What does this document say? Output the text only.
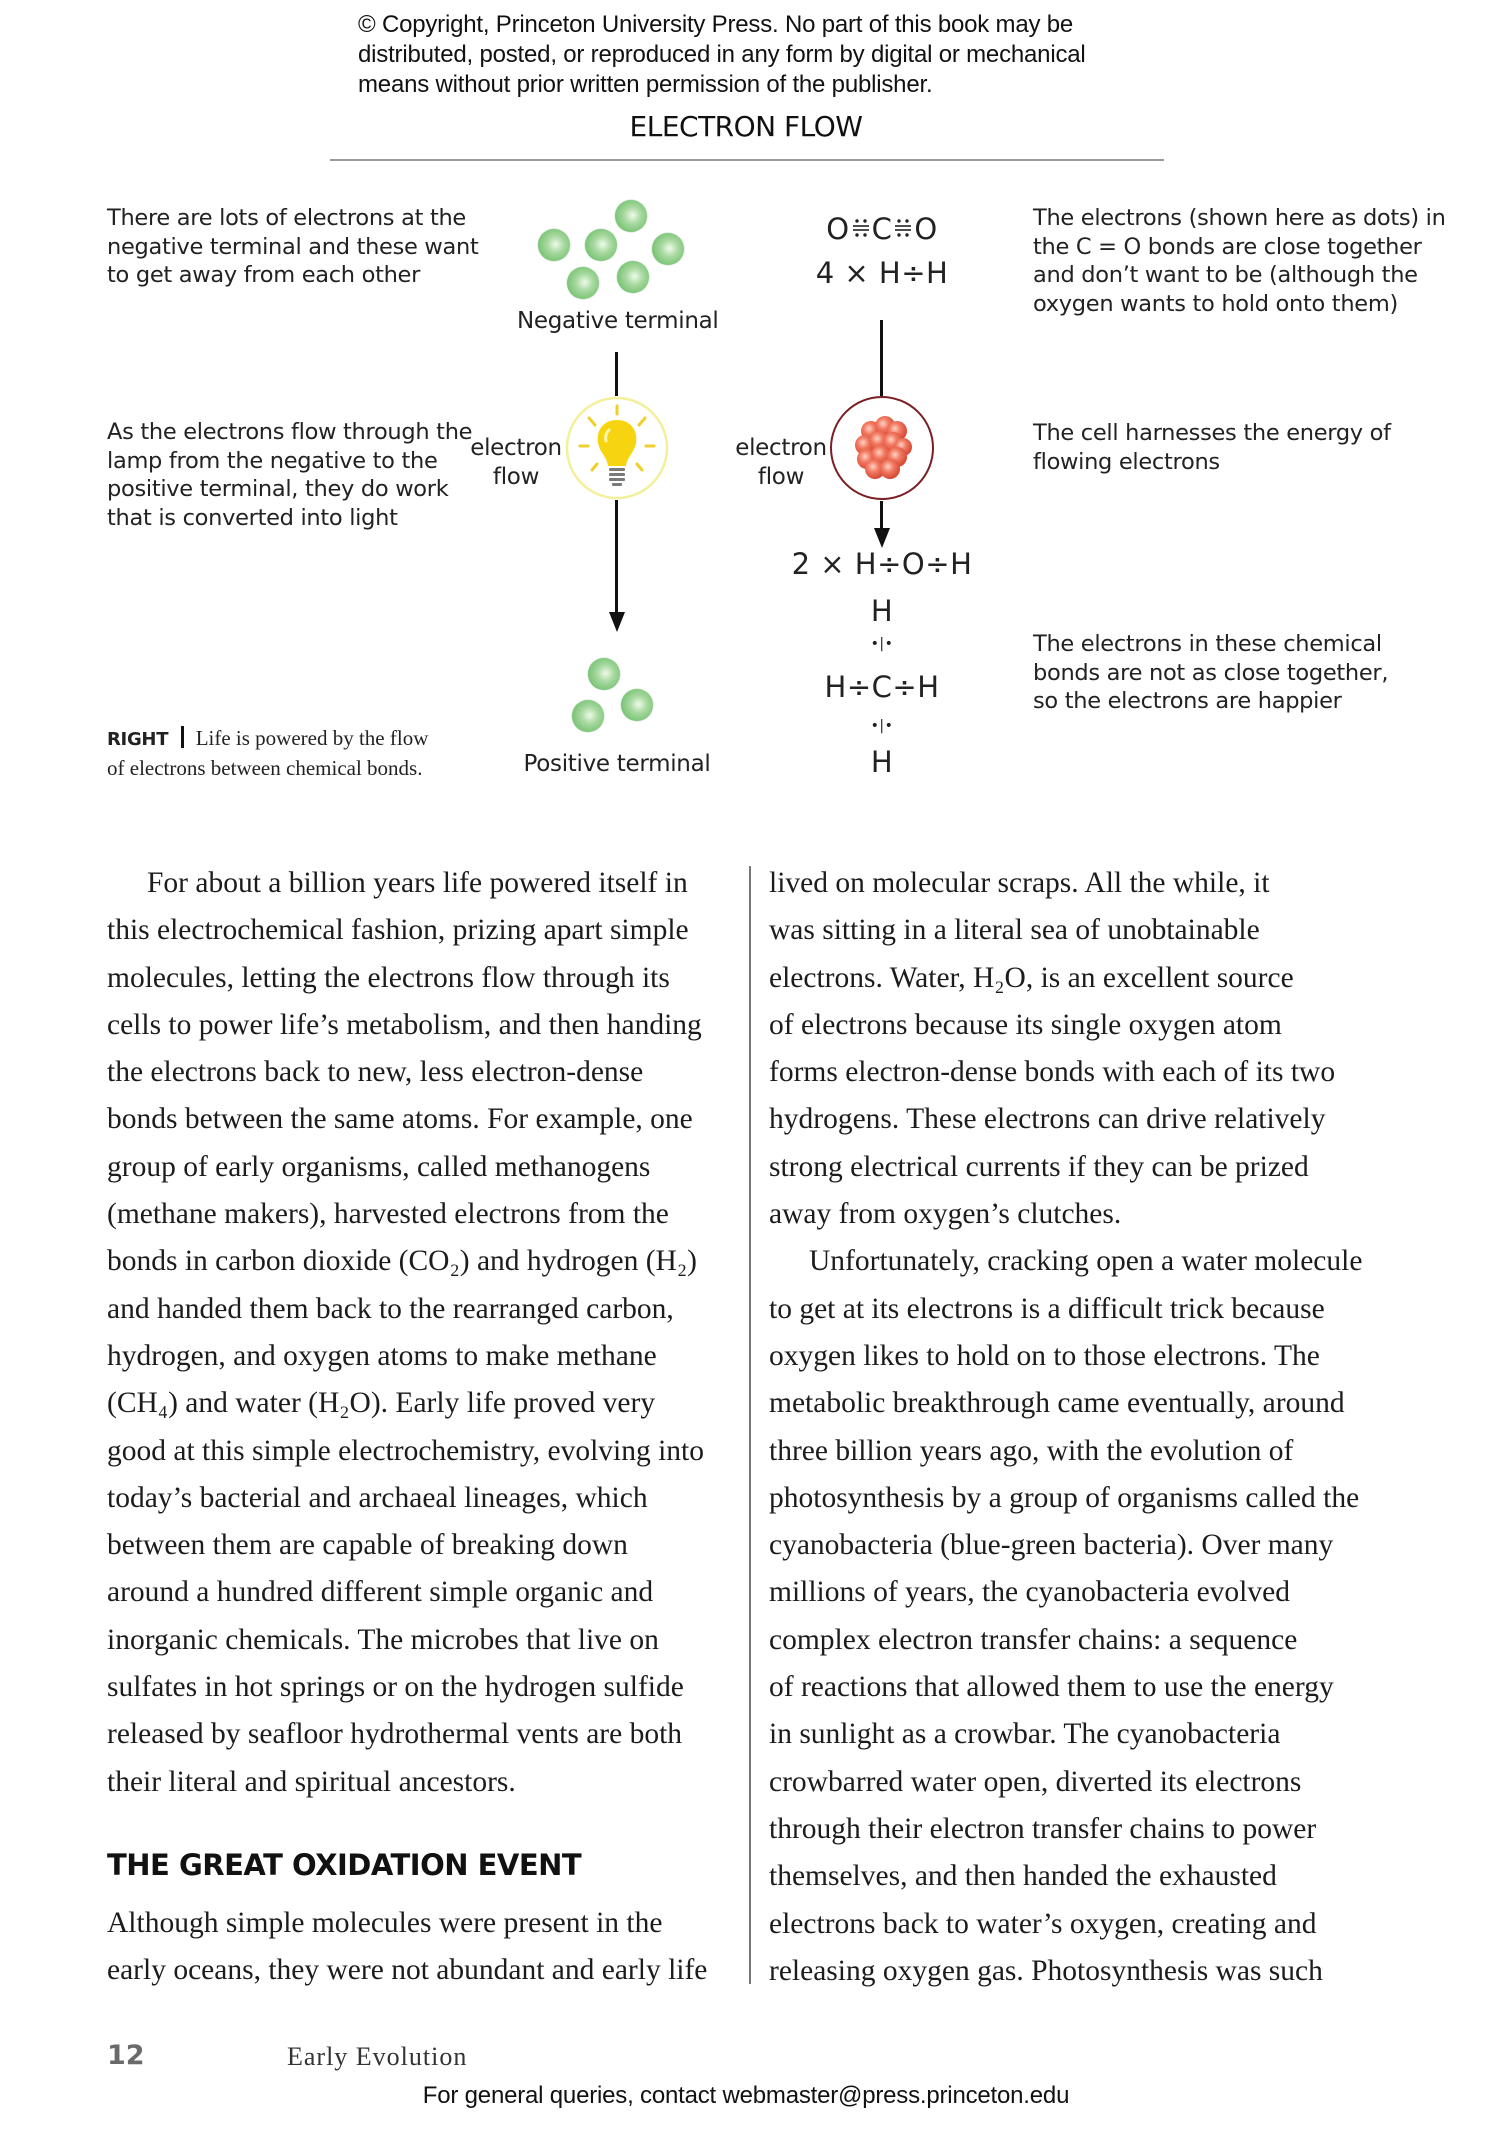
© Copyright, Princeton University Press. No part of this book may be
distributed, posted, or reproduced in any form by digital or mechanical
means without prior written permission of the publisher.
ELECTRON FLOW
There are lots of electrons at the
negative terminal and these want
to get away from each other
As the electrons flow through the
lamp from the negative to the
positive terminal, they do work
that is converted into light
Negative terminal
electron
flow
Positive terminal
RIGHT Life is powered by the flow
of electrons between chemical bonds.
O C O
4 × H÷H
electron
flow
2 × H÷O÷H
H
•|•
H÷C÷H
•|•
H
The electrons (shown here as dots) in
the C = O bonds are close together
and don’t want to be (although the
oxygen wants to hold onto them)
The cell harnesses the energy of
flowing electrons
The electrons in these chemical
bonds are not as close together,
so the electrons are happier
For about a billion years life powered itself in
this electrochemical fashion, prizing apart simple
molecules, letting the electrons flow through its
cells to power life’s metabolism, and then handing
the electrons back to new, less electron-dense
bonds between the same atoms. For example, one
group of early organisms, called methanogens
(methane makers), harvested electrons from the
bonds in carbon dioxide (CO₂) and hydrogen (H₂)
and handed them back to the rearranged carbon,
hydrogen, and oxygen atoms to make methane
(CH₄) and water (H₂O). Early life proved very
good at this simple electrochemistry, evolving into
today’s bacterial and archaeal lineages, which
between them are capable of breaking down
around a hundred different simple organic and
inorganic chemicals. The microbes that live on
sulfates in hot springs or on the hydrogen sulfide
released by seafloor hydrothermal vents are both
their literal and spiritual ancestors.
THE GREAT OXIDATION EVENT
Although simple molecules were present in the
early oceans, they were not abundant and early life
lived on molecular scraps. All the while, it
was sitting in a literal sea of unobtainable
electrons. Water, H₂O, is an excellent source
of electrons because its single oxygen atom
forms electron-dense bonds with each of its two
hydrogens. These electrons can drive relatively
strong electrical currents if they can be prized
away from oxygen’s clutches.
Unfortunately, cracking open a water molecule
to get at its electrons is a difficult trick because
oxygen likes to hold on to those electrons. The
metabolic breakthrough came eventually, around
three billion years ago, with the evolution of
photosynthesis by a group of organisms called the
cyanobacteria (blue-green bacteria). Over many
millions of years, the cyanobacteria evolved
complex electron transfer chains: a sequence
of reactions that allowed them to use the energy
in sunlight as a crowbar. The cyanobacteria
crowbarred water open, diverted its electrons
through their electron transfer chains to power
themselves, and then handed the exhausted
electrons back to water’s oxygen, creating and
releasing oxygen gas. Photosynthesis was such
12	Early Evolution
For general queries, contact webmaster@press.princeton.edu
